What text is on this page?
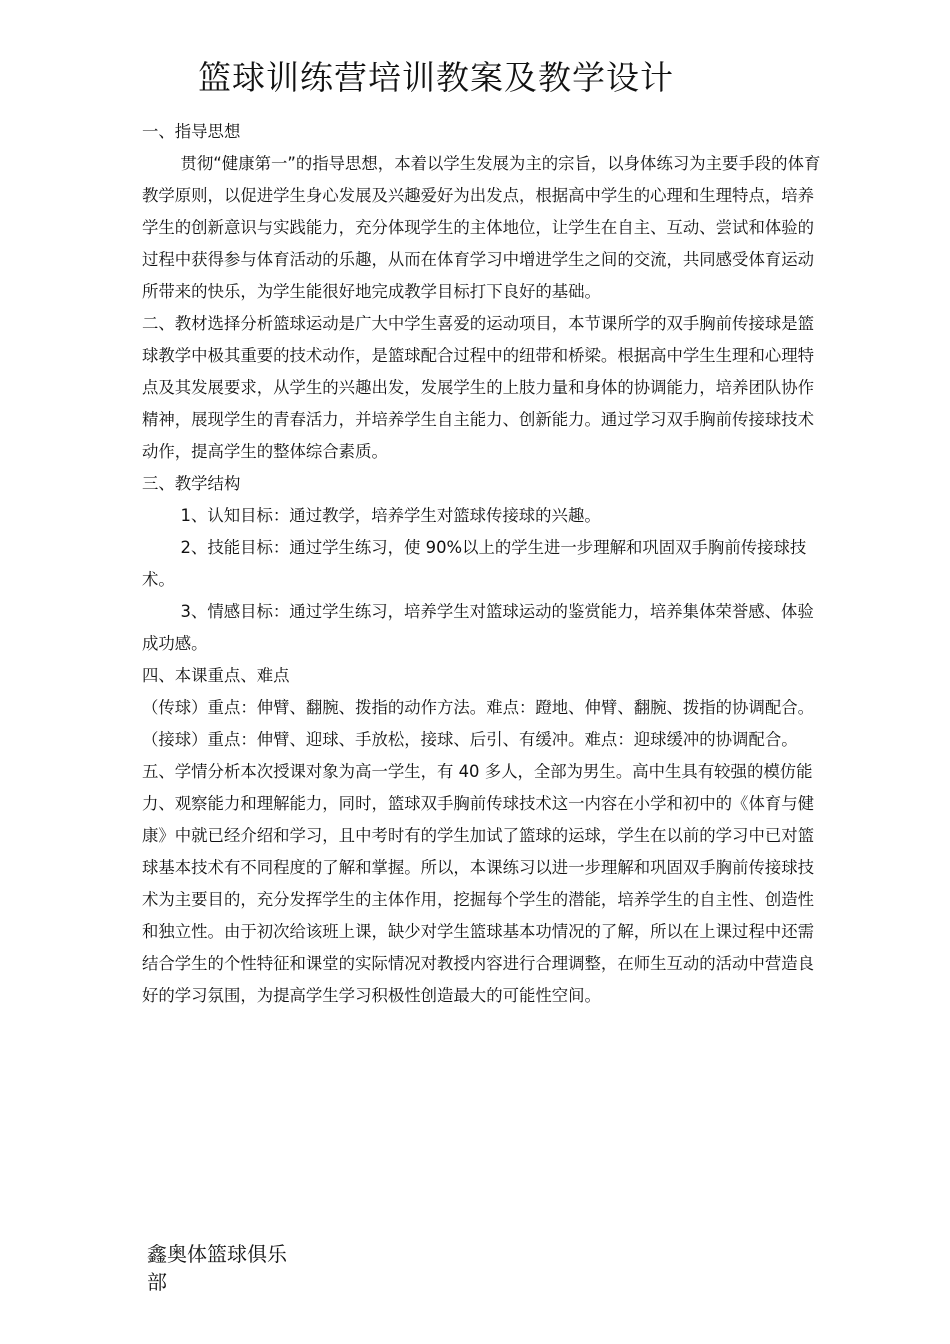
篮球训练营培训教案及教学设计

一、指导思想

贯彻“健康第一”的指导思想，本着以学生发展为主的宗旨，以身体练习为主要手段的体育教学原则，以促进学生身心发展及兴趣爱好为出发点，根据高中学生的心理和生理特点，培养学生的创新意识与实践能力，充分体现学生的主体地位，让学生在自主、互动、尝试和体验的过程中获得参与体育活动的乐趣，从而在体育学习中增进学生之间的交流，共同感受体育运动所带来的快乐，为学生能很好地完成教学目标打下良好的基础。

二、教材选择分析篮球运动是广大中学生喜爱的运动项目，本节课所学的双手胸前传接球是篮球教学中极其重要的技术动作，是篮球配合过程中的纽带和桥梁。根据高中学生生理和心理特点及其发展要求，从学生的兴趣出发，发展学生的上肢力量和身体的协调能力，培养团队协作精神，展现学生的青春活力，并培养学生自主能力、创新能力。通过学习双手胸前传接球技术动作，提高学生的整体综合素质。

三、教学结构

1、认知目标：通过教学，培养学生对篮球传接球的兴趣。

2、技能目标：通过学生练习，使 90%以上的学生进一步理解和巩固双手胸前传接球技术。

3、情感目标：通过学生练习，培养学生对篮球运动的鉴赏能力，培养集体荣誉感、体验成功感。

四、本课重点、难点

（传球）重点：伸臂、翻腕、拨指的动作方法。难点：蹬地、伸臂、翻腕、拨指的协调配合。

（接球）重点：伸臂、迎球、手放松，接球、后引、有缓冲。难点：迎球缓冲的协调配合。

五、学情分析本次授课对象为高一学生，有 40 多人，全部为男生。高中生具有较强的模仿能力、观察能力和理解能力，同时，篮球双手胸前传球技术这一内容在小学和初中的《体育与健康》中就已经介绍和学习，且中考时有的学生加试了篮球的运球，学生在以前的学习中已对篮球基本技术有不同程度的了解和掌握。所以，本课练习以进一步理解和巩固双手胸前传接球技术为主要目的，充分发挥学生的主体作用，挖掘每个学生的潜能，培养学生的自主性、创造性和独立性。由于初次给该班上课，缺少对学生篮球基本功情况的了解，所以在上课过程中还需结合学生的个性特征和课堂的实际情况对教授内容进行合理调整，在师生互动的活动中营造良好的学习氛围，为提高学生学习积极性创造最大的可能性空间。

鑫奥体篮球俱乐
部
